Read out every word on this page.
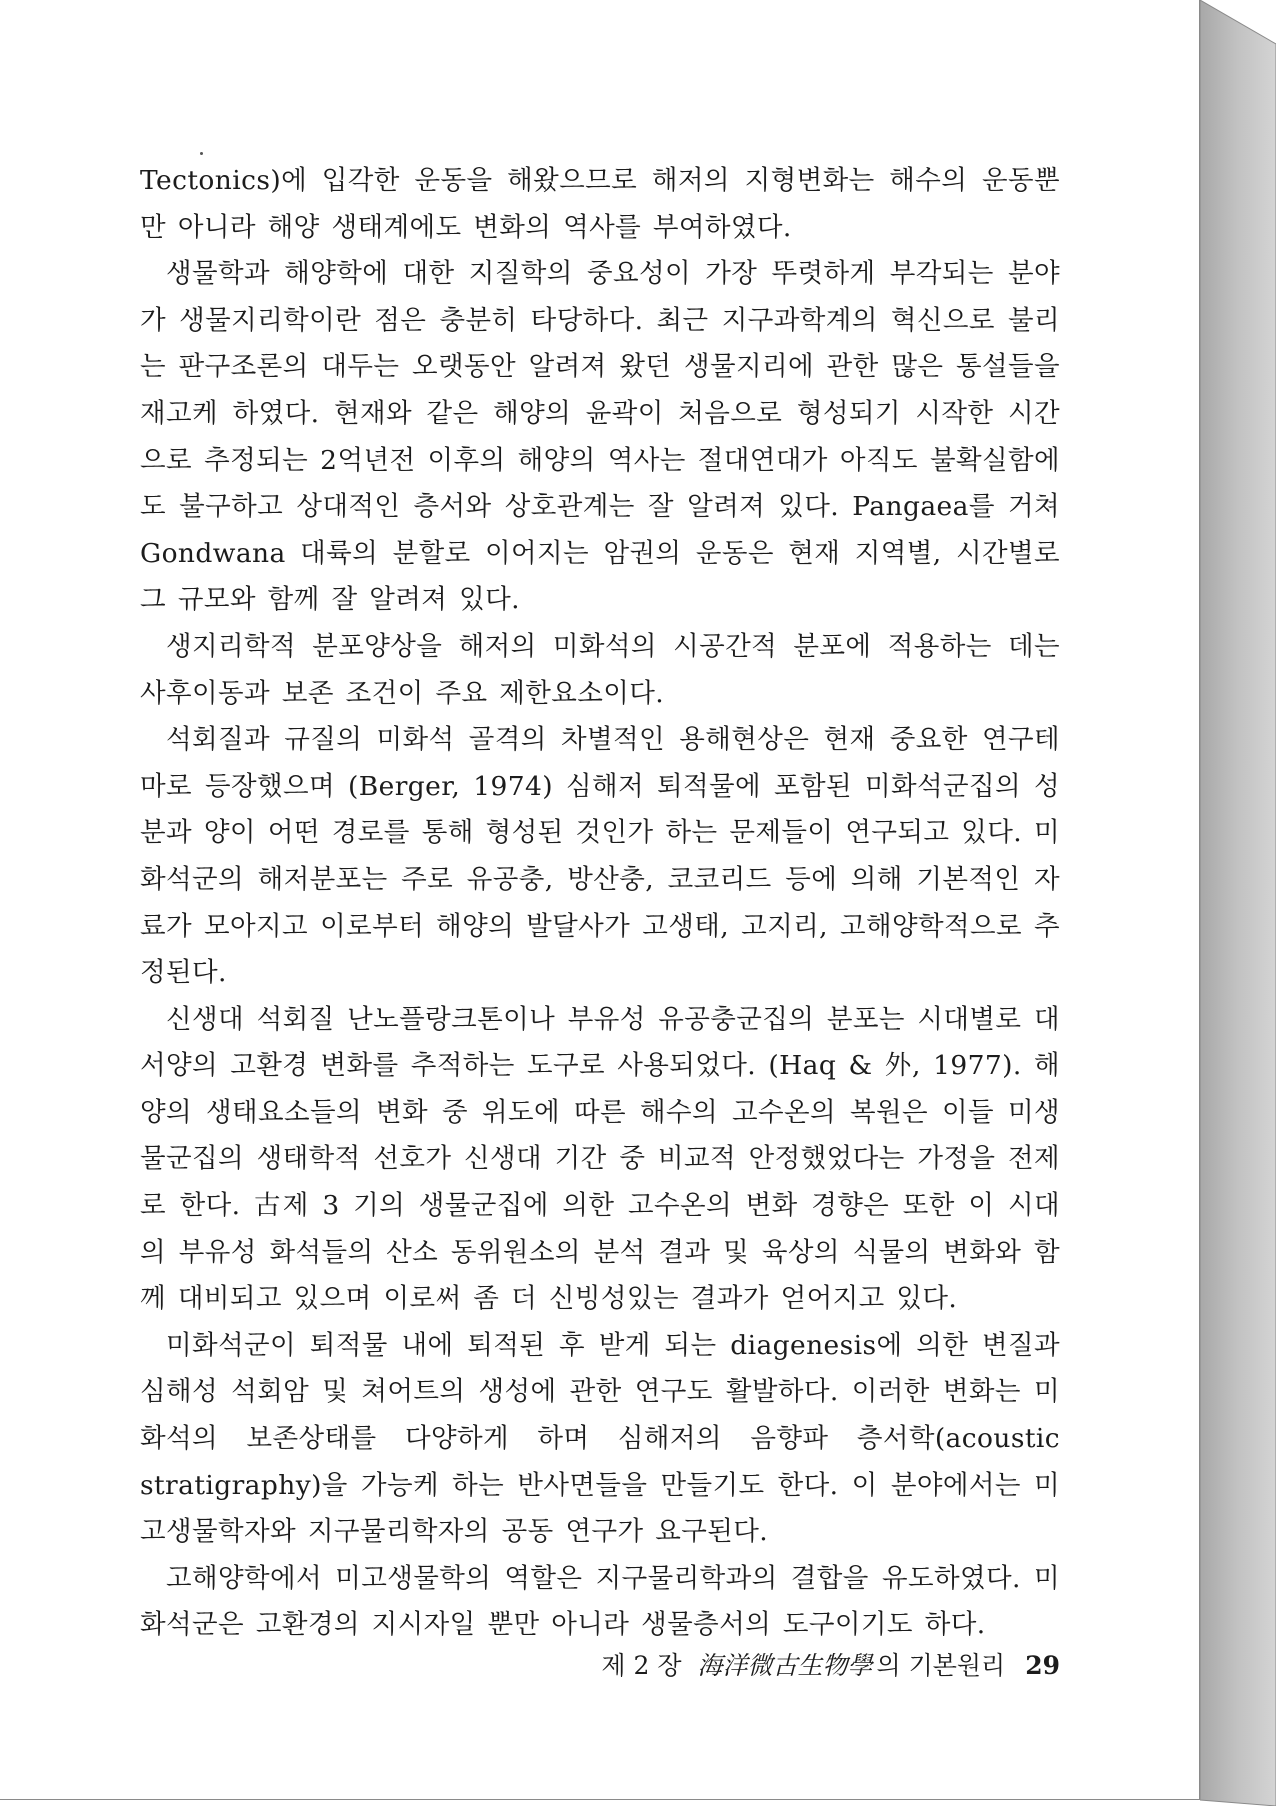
Tectonics)에 입각한 운동을 해왔으므로 해저의 지형변화는 해수의 운동뿐만 아니라 해양 생태계에도 변화의 역사를 부여하였다.

생물학과 해양학에 대한 지질학의 중요성이 가장 뚜렷하게 부각되는 분야가 생물지리학이란 점은 충분히 타당하다. 최근 지구과학계의 혁신으로 불리는 판구조론의 대두는 오랫동안 알려져 왔던 생물지리에 관한 많은 통설들을 재고케 하였다. 현재와 같은 해양의 윤곽이 처음으로 형성되기 시작한 시간으로 추정되는 2억년전 이후의 해양의 역사는 절대연대가 아직도 불확실함에도 불구하고 상대적인 층서와 상호관계는 잘 알려져 있다. Pangaea를 거쳐 Gondwana 대륙의 분할로 이어지는 암권의 운동은 현재 지역별, 시간별로 그 규모와 함께 잘 알려져 있다.

생지리학적 분포양상을 해저의 미화석의 시공간적 분포에 적용하는 데는 사후이동과 보존 조건이 주요 제한요소이다.

석회질과 규질의 미화석 골격의 차별적인 용해현상은 현재 중요한 연구테마로 등장했으며 (Berger, 1974) 심해저 퇴적물에 포함된 미화석군집의 성분과 양이 어떤 경로를 통해 형성된 것인가 하는 문제들이 연구되고 있다. 미화석군의 해저분포는 주로 유공충, 방산충, 코코리드 등에 의해 기본적인 자료가 모아지고 이로부터 해양의 발달사가 고생태, 고지리, 고해양학적으로 추정된다.

신생대 석회질 난노플랑크톤이나 부유성 유공충군집의 분포는 시대별로 대서양의 고환경 변화를 추적하는 도구로 사용되었다. (Haq & 外, 1977). 해양의 생태요소들의 변화 중 위도에 따른 해수의 고수온의 복원은 이들 미생물군집의 생태학적 선호가 신생대 기간 중 비교적 안정했었다는 가정을 전제로 한다. 古제 3 기의 생물군집에 의한 고수온의 변화 경향은 또한 이 시대의 부유성 화석들의 산소 동위원소의 분석 결과 및 육상의 식물의 변화와 함께 대비되고 있으며 이로써 좀 더 신빙성있는 결과가 얻어지고 있다.

미화석군이 퇴적물 내에 퇴적된 후 받게 되는 diagenesis에 의한 변질과 심해성 석회암 및 쳐어트의 생성에 관한 연구도 활발하다. 이러한 변화는 미화석의 보존상태를 다양하게 하며 심해저의 음향파 층서학(acoustic stratigraphy)을 가능케 하는 반사면들을 만들기도 한다. 이 분야에서는 미고생물학자와 지구물리학자의 공동 연구가 요구된다.

고해양학에서 미고생물학의 역할은 지구물리학과의 결합을 유도하였다. 미화석군은 고환경의 지시자일 뿐만 아니라 생물층서의 도구이기도 하다.

제 2 장 海洋微古生物學 의 기본원리 29
